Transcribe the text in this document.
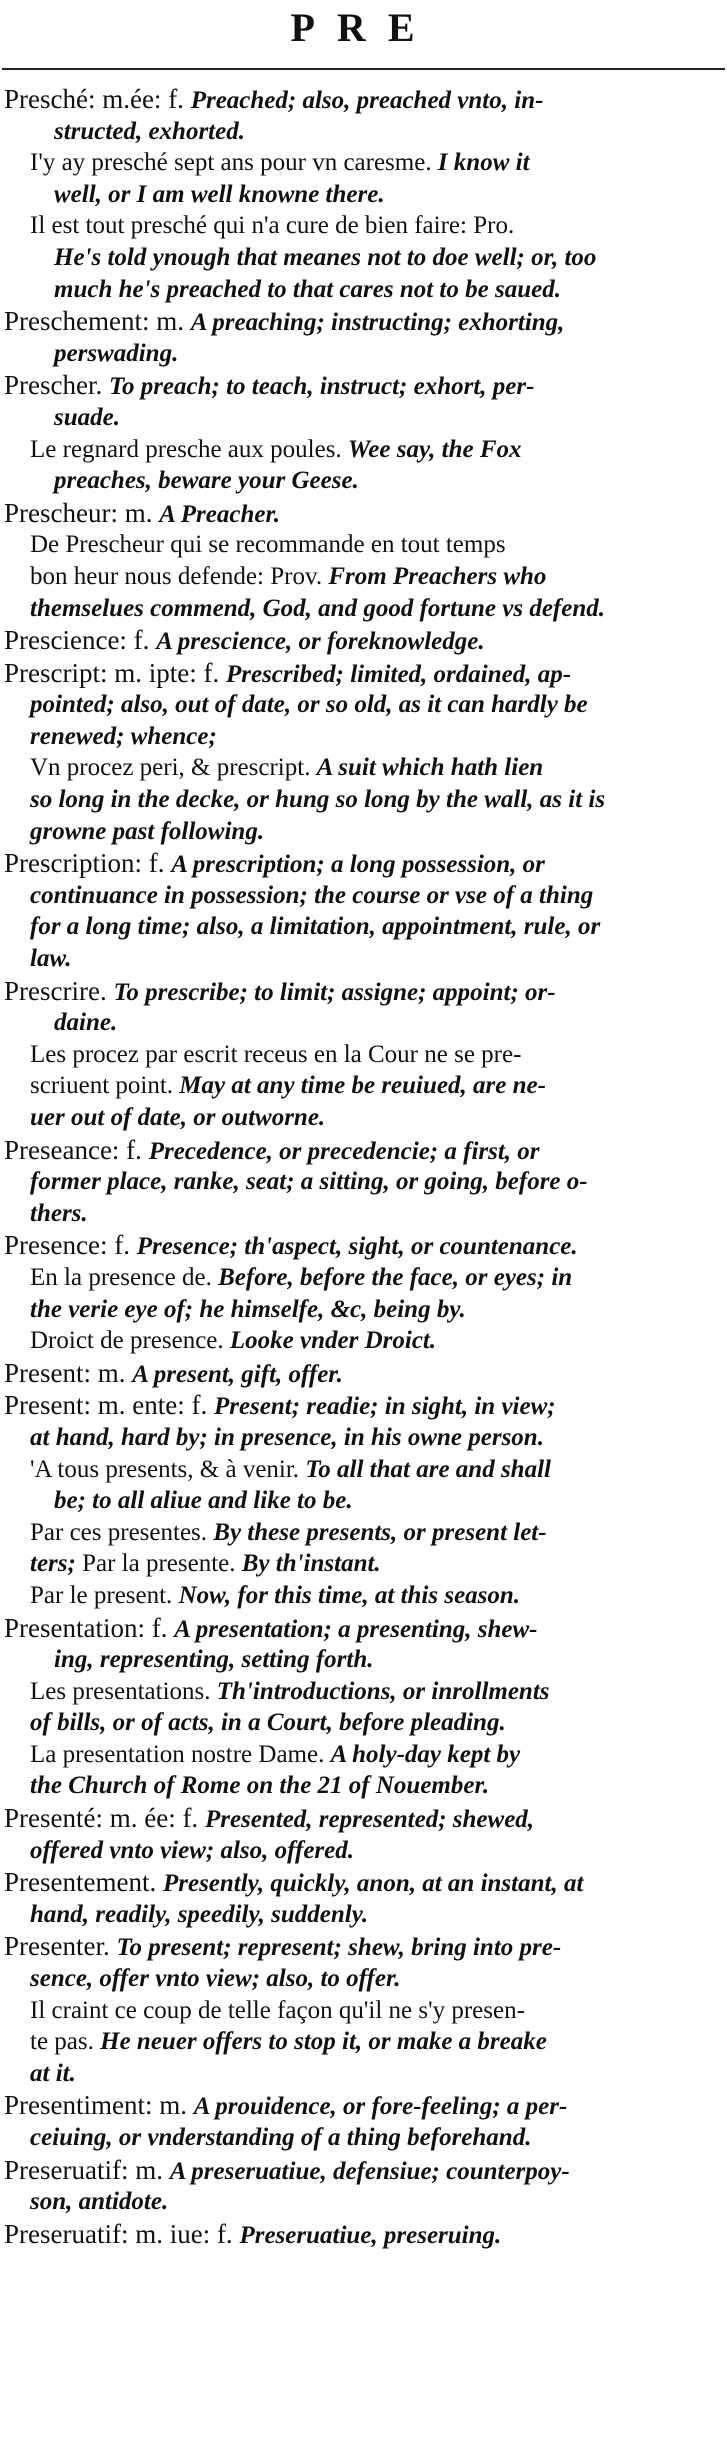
PRE
Presché: m.ée: f. Preached; also, preached vnto, in-
structed, exhorted.
I'y ay presché sept ans pour vn caresme. I know it
well, or I am well knowne there.
Il est tout presché qui n'a cure de bien faire: Pro.
He's told ynough that meanes not to doe well; or, too
much he's preached to that cares not to be saued.
Preschement: m. A preaching; instructing; exhorting,
perswading.
Prescher. To preach; to teach, instruct; exhort, per-
suade.
Le regnard presche aux poules. Wee say, the Fox
preaches, beware your Geese.
Prescheur: m. A Preacher.
De Prescheur qui se recommande en tout temps
bon heur nous defende: Prov. From Preachers who
themselues commend, God, and good fortune vs defend.
Prescience: f. A prescience, or foreknowledge.
Prescript: m. ipte: f. Prescribed; limited, ordained, ap-
pointed; also, out of date, or so old, as it can hardly be
renewed; whence;
Vn procez peri, & prescript. A suit which hath lien
so long in the decke, or hung so long by the wall, as it is
growne past following.
Prescription: f. A prescription; a long possession, or
continuance in possession; the course or vse of a thing
for a long time; also, a limitation, appointment, rule, or
law.
Prescrire. To prescribe; to limit; assigne; appoint; or-
daine.
Les procez par escrit receus en la Cour ne se pre-
scriuent point. May at any time be reuiued, are ne-
uer out of date, or outworne.
Preseance: f. Precedence, or precedencie; a first, or
former place, ranke, seat; a sitting, or going, before o-
thers.
Presence: f. Presence; th'aspect, sight, or countenance.
En la presence de. Before, before the face, or eyes; in
the verie eye of; he himselfe, &c, being by.
Droict de presence. Looke vnder Droict.
Present: m. A present, gift, offer.
Present: m. ente: f. Present; readie; in sight, in view;
at hand, hard by; in presence, in his owne person.
'A tous presents, & à venir. To all that are and shall
be; to all aliue and like to be.
Par ces presentes. By these presents, or present let-
ters; Par la presente. By th'instant.
Par le present. Now, for this time, at this season.
Presentation: f. A presentation; a presenting, shew-
ing, representing, setting forth.
Les presentations. Th'introductions, or inrollments
of bills, or of acts, in a Court, before pleading.
La presentation nostre Dame. A holy-day kept by
the Church of Rome on the 21 of Nouember.
Presenté: m. ée: f. Presented, represented; shewed,
offered vnto view; also, offered.
Presentement. Presently, quickly, anon, at an instant, at
hand, readily, speedily, suddenly.
Presenter. To present; represent; shew, bring into pre-
sence, offer vnto view; also, to offer.
Il craint ce coup de telle façon qu'il ne s'y presen-
te pas. He neuer offers to stop it, or make a breake
at it.
Presentiment: m. A prouidence, or fore-feeling; a per-
ceiuing, or vnderstanding of a thing beforehand.
Preseruatif: m. A preseruatiue, defensiue; counterpoy-
son, antidote.
Preseruatif: m. iue: f. Preseruatiue, preseruing.
